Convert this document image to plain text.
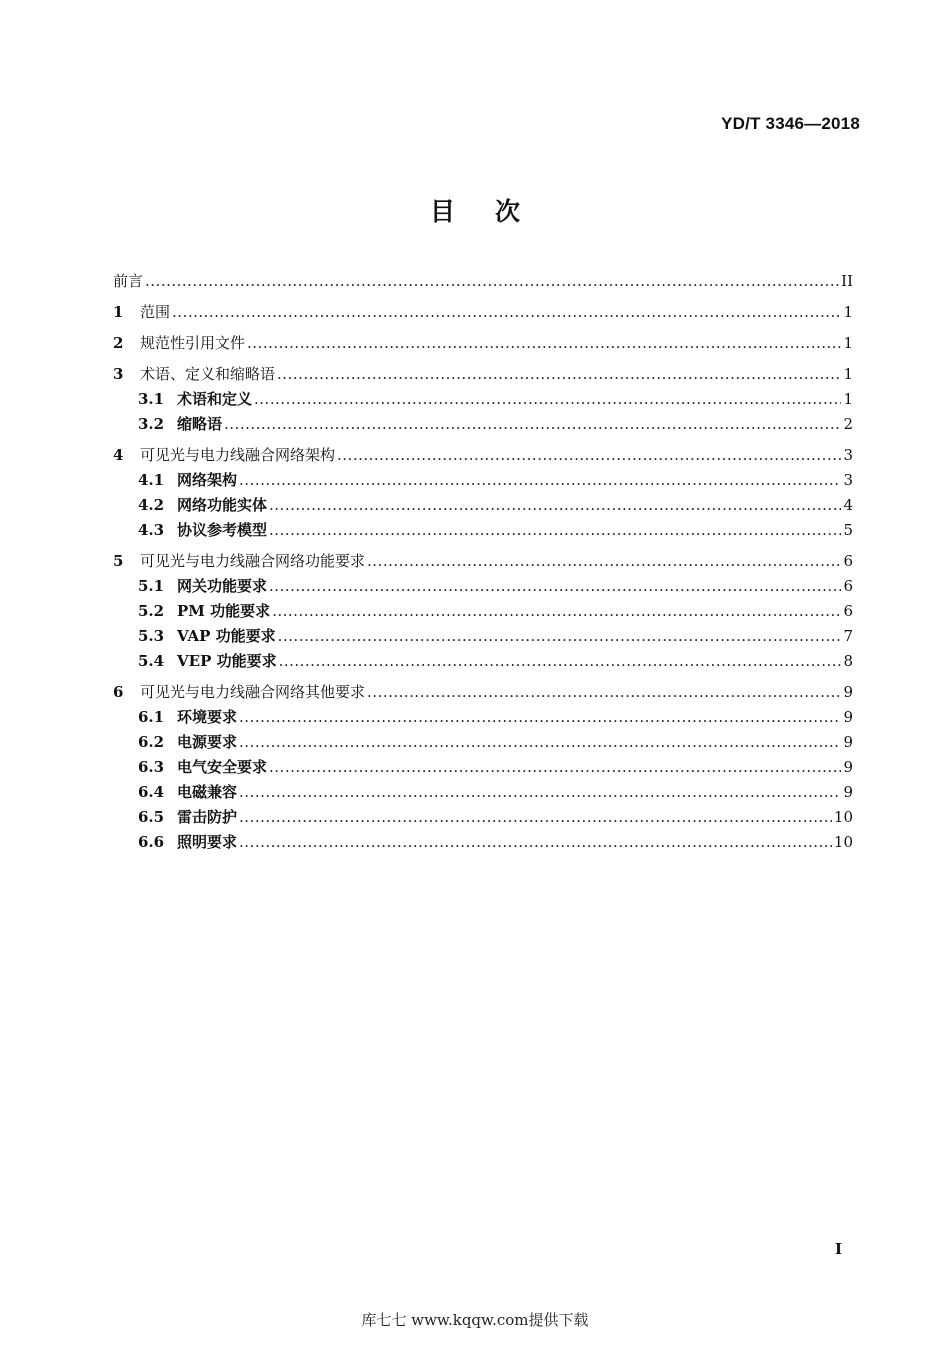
YD/T 3346—2018
目次
前言 .....	II
1	范围 .....	1
2	规范性引用文件 .....	1
3	术语、定义和缩略语 .....	1
3.1 术语和定义 .....	1
3.2 缩略语 .....	2
4	可见光与电力线融合网络架构 .....	3
4.1 网络架构 .....	3
4.2 网络功能实体 .....	4
4.3 协议参考模型 .....	5
5	可见光与电力线融合网络功能要求 .....	6
5.1 网关功能要求 .....	6
5.2 PM 功能要求 .....	6
5.3 VAP 功能要求 .....	7
5.4 VEP 功能要求 .....	8
6	可见光与电力线融合网络其他要求 .....	9
6.1 环境要求 .....	9
6.2 电源要求 .....	9
6.3 电气安全要求 .....	9
6.4 电磁兼容 .....	9
6.5 雷击防护 .....	10
6.6 照明要求 .....	10
I
库七七 www.kqqw.com提供下载
